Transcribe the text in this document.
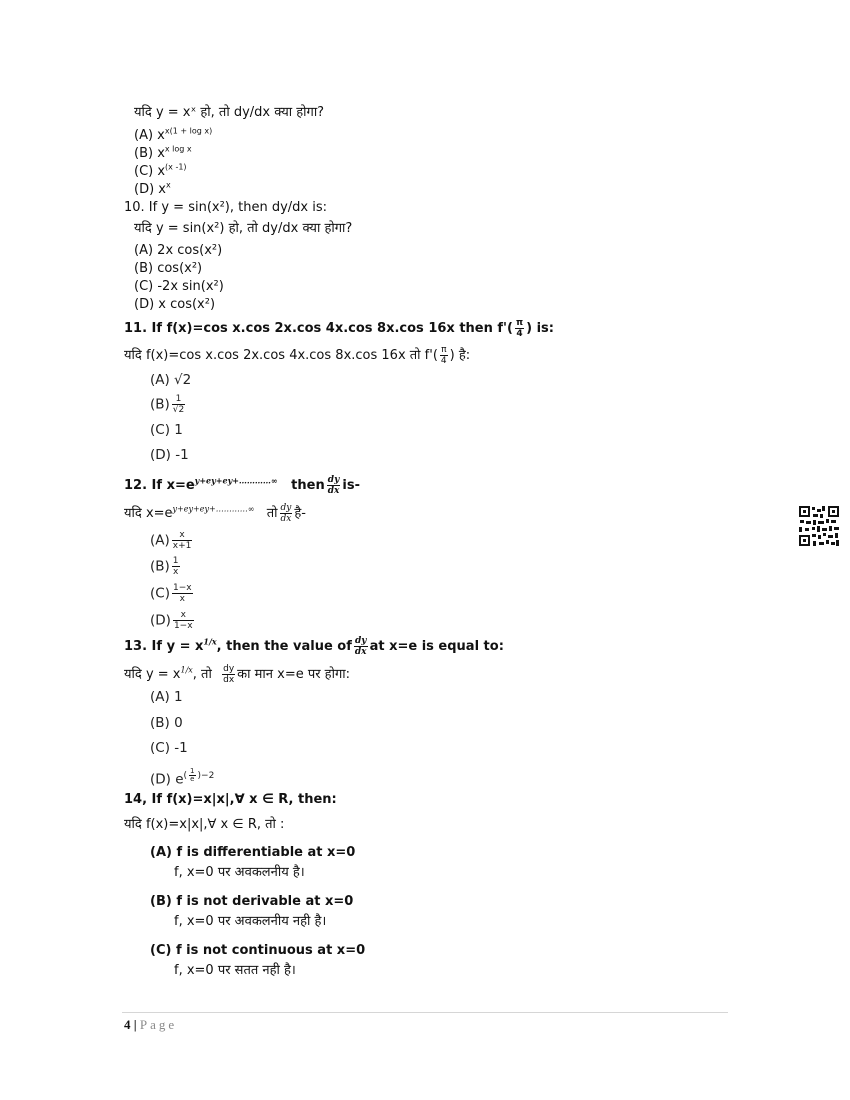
यदि y = xˣ हो, तो dy/dx क्या होगा?
(A) $x^{x(1 + log x)}$
(B) $x^{x log x}$
(C) $x^{(x -1)}$
(D) $x^x$
10. If y = sin(x²), then dy/dx is:
यदि y = sin(x²) हो, तो dy/dx क्या होगा?
(A) 2x cos(x²)
(B) cos(x²)
(C) -2x sin(x²)
(D) x cos(x²)
11. If f(x)=cos x.cos 2x.cos 4x.cos 8x.cos 16x then $f'( \frac{\pi}{4}$ ) is:
यदि f(x)=cos x.cos 2x.cos 4x.cos 8x.cos 16x तो $f'( \frac{\pi}{4}$ ) है:
(A) √2
$(B) \frac{1}{√2}$
(C) 1
(D) -1
12. If $x=e^{y+ey+ey+\dots\dots\dots\dots\infty}$ then $\frac{dy}{dx} is-$
यदि $x=e^{y+ey+ey+\dots\dots\dots\dots\infty}$ तो $\frac{dy}{dx}$ है-
$(A) \frac{x}{x+1}$
$(B) \frac{1}{x}$
$(C) \frac{1-x}{x}$
$(D) \frac{x}{1-x}$
13. If $y = x^{1/x}$, then the value of $\frac{dy}{dx}$ at x=e is equal to:
यदि $y = x^{1/x}$, तो $\frac{dy}{dx}$ का मान x=e पर होगा:
(A) 1
(B) 0
(C) -1
(D) $e^{( \frac{1}{e} )-2}$
14, If f(x)=x|x|,∀ x ∈ R, then:
यदि f(x)=x|x|,∀ x ∈ R, तो :
(A) f is differentiable at x=0
f, x=0 पर अवकलनीय है।
(B) f is not derivable at x=0
f, x=0 पर अवकलनीय नही है।
(C) f is not continuous at x=0
f, x=0 पर सतत नही है।
4 | Page
